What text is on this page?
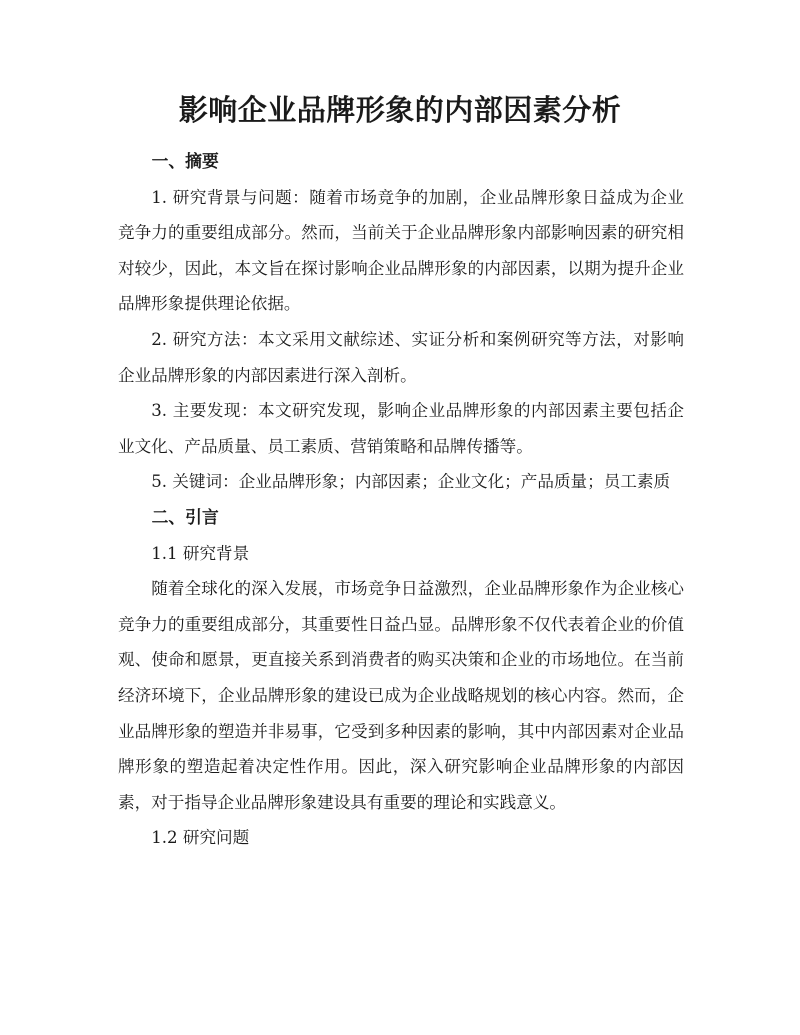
影响企业品牌形象的内部因素分析

一、摘要

1. 研究背景与问题：随着市场竞争的加剧，企业品牌形象日益成为企业竞争力的重要组成部分。然而，当前关于企业品牌形象内部影响因素的研究相对较少，因此，本文旨在探讨影响企业品牌形象的内部因素，以期为提升企业品牌形象提供理论依据。

2. 研究方法：本文采用文献综述、实证分析和案例研究等方法，对影响企业品牌形象的内部因素进行深入剖析。

3. 主要发现：本文研究发现，影响企业品牌形象的内部因素主要包括企业文化、产品质量、员工素质、营销策略和品牌传播等。

5. 关键词：企业品牌形象；内部因素；企业文化；产品质量；员工素质

二、引言

1.1 研究背景

随着全球化的深入发展，市场竞争日益激烈，企业品牌形象作为企业核心竞争力的重要组成部分，其重要性日益凸显。品牌形象不仅代表着企业的价值观、使命和愿景，更直接关系到消费者的购买决策和企业的市场地位。在当前经济环境下，企业品牌形象的建设已成为企业战略规划的核心内容。然而，企业品牌形象的塑造并非易事，它受到多种因素的影响，其中内部因素对企业品牌形象的塑造起着决定性作用。因此，深入研究影响企业品牌形象的内部因素，对于指导企业品牌形象建设具有重要的理论和实践意义。

1.2 研究问题
